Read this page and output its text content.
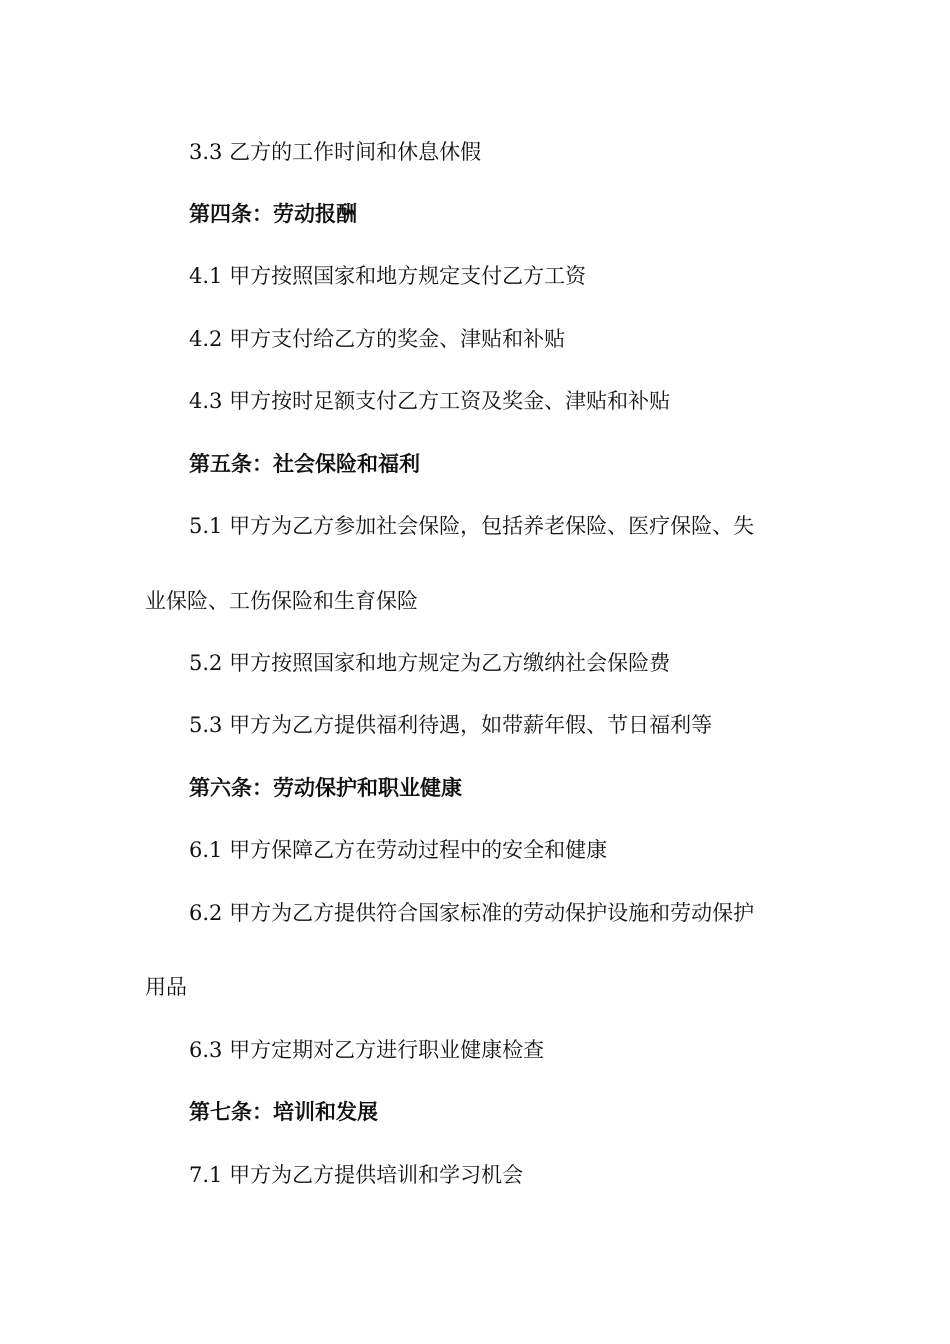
3.3 乙方的工作时间和休息休假
第四条：劳动报酬
4.1 甲方按照国家和地方规定支付乙方工资
4.2 甲方支付给乙方的奖金、津贴和补贴
4.3 甲方按时足额支付乙方工资及奖金、津贴和补贴
第五条：社会保险和福利
5.1 甲方为乙方参加社会保险，包括养老保险、医疗保险、失
业保险、工伤保险和生育保险
5.2 甲方按照国家和地方规定为乙方缴纳社会保险费
5.3 甲方为乙方提供福利待遇，如带薪年假、节日福利等
第六条：劳动保护和职业健康
6.1 甲方保障乙方在劳动过程中的安全和健康
6.2 甲方为乙方提供符合国家标准的劳动保护设施和劳动保护
用品
6.3 甲方定期对乙方进行职业健康检查
第七条：培训和发展
7.1 甲方为乙方提供培训和学习机会
